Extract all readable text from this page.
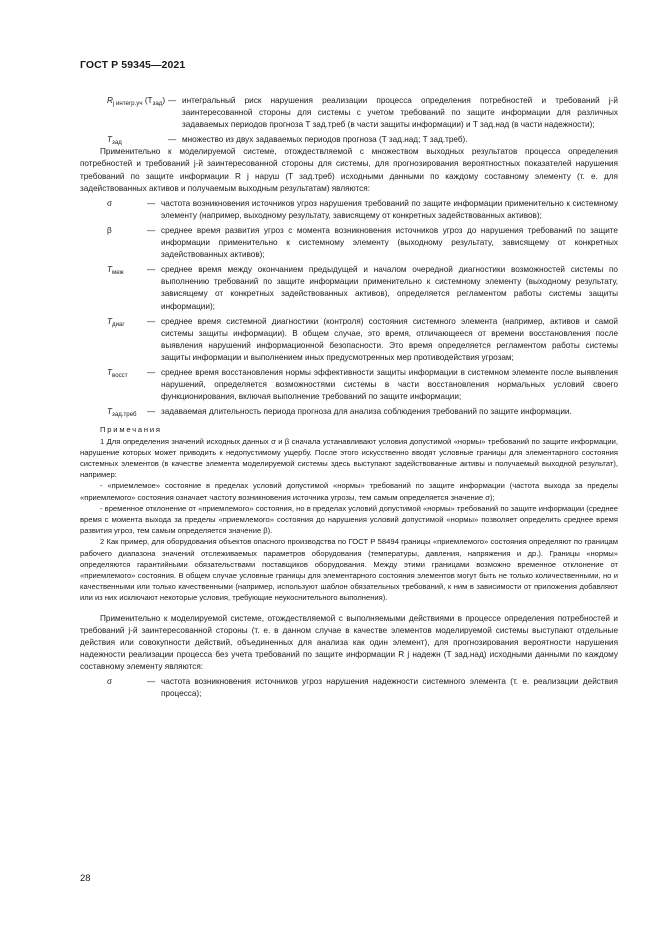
ГОСТ Р 59345—2021
$R_{j интегр.уч}$ $(T_{зад})$ — интегральный риск нарушения реализации процесса определения потребностей и требований j-й заинтересованной стороны для системы с учетом требований по защите информации для различных задаваемых периодов прогноза T зад.треб (в части защиты информации) и T зад.над (в части надежности);
$T_{зад}$	— множество из двух задаваемых периодов прогноза (T зад.над; T зад.треб).

Применительно к моделируемой системе, отождествляемой с множеством выходных результатов процесса определения потребностей и требований j-й заинтересованной стороны для системы, для прогнозирования вероятностных показателей нарушения требований по защите информации R j наруш (T зад.треб) исходными данными по каждому составному элементу (т. е. для задействованных активов и получаемым выходным результатам) являются:

σ	— частота возникновения источников угроз нарушения требований по защите информации применительно к системному элементу (например, выходному результату, зависящему от конкретных задействованных активов);
β	— среднее время развития угроз с момента возникновения источников угроз до нарушения требований по защите информации применительно к системному элементу (выходному результату, зависящему от конкретных задействованных активов);
$T_{меж}$	— среднее время между окончанием предыдущей и началом очередной диагностики возможностей системы по выполнению требований по защите информации применительно к системному элементу (выходному результату, зависящему от конкретных задействованных активов), определяется регламентом работы системы защиты информации);
$T_{диаг}$	— среднее время системной диагностики (контроля) состояния системного элемента (например, активов и самой системы защиты информации). В общем случае, это время, отличающееся от времени восстановления после выявления нарушений информационной безопасности. Это время определяется регламентом работы системы защиты информации и выполнением иных предусмотренных мер противодействия угрозам;
$T_{восст}$	— среднее время восстановления нормы эффективности защиты информации в системном элементе после выявления нарушений, определяется возможностями системы в части восстановления нормальных условий своего функционирования, включая выполнение требований по защите информации;
$T_{зад.треб}$	— задаваемая длительность периода прогноза для анализа соблюдения требований по защите информации.

Примечания

1 Для определения значений исходных данных σ и β сначала устанавливают условия допустимой «нормы» требований по защите информации, нарушение которых может приводить к недопустимому ущербу. После этого искусственно вводят условные границы для элементарного состояния системных элементов (в качестве элемента моделируемой системы здесь выступают задействованные активы и получаемый выходной результат), например:

- «приемлемое» состояние в пределах условий допустимой «нормы» требований по защите информации (частота выхода за пределы «приемлемого» состояния означает частоту возникновения источника угрозы, тем самым определяется значение σ);

- временное отклонение от «приемлемого» состояния, но в пределах условий допустимой «нормы» требований по защите информации (среднее время с момента выхода за пределы «приемлемого» состояния до нарушения условий допустимой «нормы» позволяет определить среднее время развития угроз, тем самым определяется значение β).

2 Как пример, для оборудования объектов опасного производства по ГОСТ Р 58494 границы «приемлемого» состояния определяют по границам рабочего диапазона значений отслеживаемых параметров оборудования (температуры, давления, напряжения и др.). Границы «нормы» определяются гарантийными обязательствами поставщиков оборудования. Между этими границами возможно временное отклонение от «приемлемого» состояния. В общем случае условные границы для элементарного состояния элементов могут быть не только количественными, но и качественными или только качественными (например, используют шаблон обязательных требований, к ним в зависимости от приложения добавляют или из них исключают некоторые условия, требующие неукоснительного выполнения).

Применительно к моделируемой системе, отождествляемой с выполняемыми действиями в процессе определения потребностей и требований j-й заинтересованной стороны (т. е. в данном случае в качестве элементов моделируемой системы выступают отдельные действия или совокупности действий, объединенных для анализа как один элемент), для прогнозирования вероятности нарушения надежности реализации процесса без учета требований по защите информации R j надежн (T зад.над) исходными данными по каждому составному элементу являются:

σ	— частота возникновения источников угроз нарушения надежности системного элемента (т. е. реализации действия процесса);
28
